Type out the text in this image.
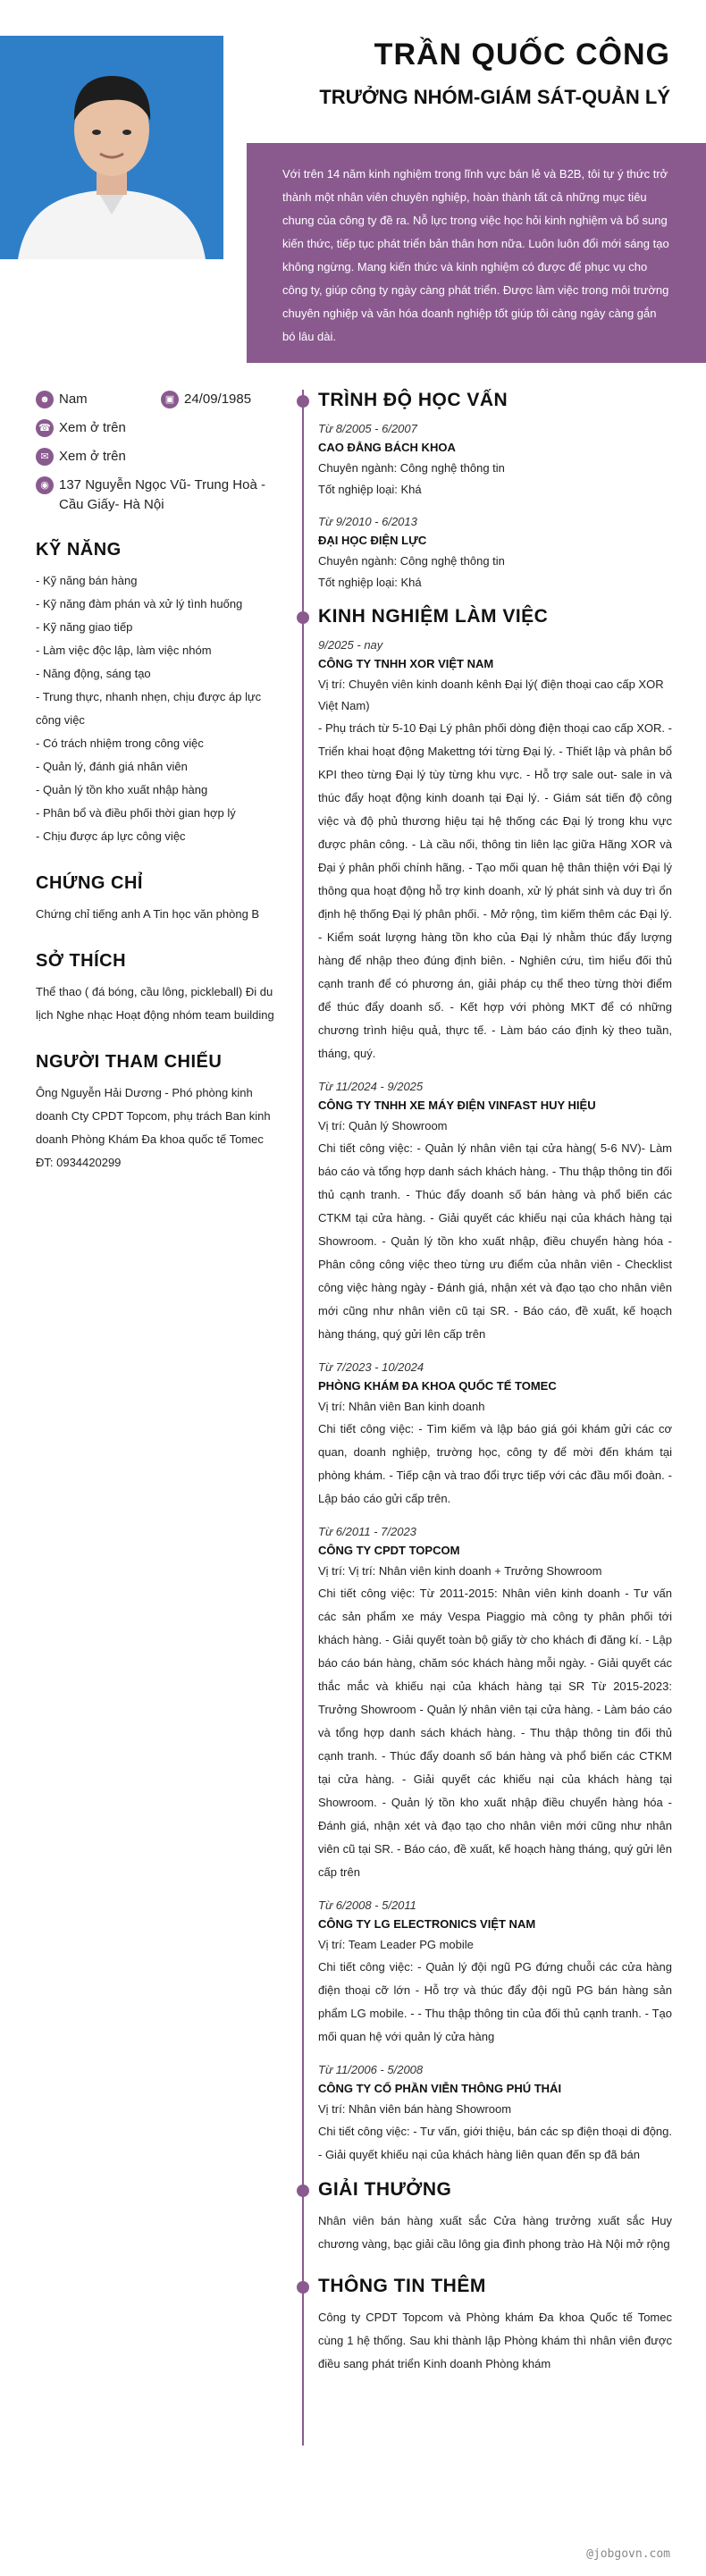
TRẦN QUỐC CÔNG
TRƯỞNG NHÓM-GIÁM SÁT-QUẢN LÝ
Với trên 14 năm kinh nghiệm trong lĩnh vực bán lẻ và B2B, tôi tự ý thức trở thành một nhân viên chuyên nghiệp, hoàn thành tất cả những mục tiêu chung của công ty đề ra. Nỗ lực trong việc học hỏi kinh nghiệm và bổ sung kiến thức, tiếp tục phát triển bản thân hơn nữa. Luôn luôn đổi mới sáng tạo không ngừng. Mang kiến thức và kinh nghiệm có được để phục vụ cho công ty, giúp công ty ngày càng phát triển. Được làm việc trong môi trường chuyên nghiệp và văn hóa doanh nghiệp tốt giúp tôi càng ngày càng gắn bó lâu dài.
☻ Nam	▣ 24/09/1985
☎ Xem ở trên
✉ Xem ở trên
◉ 137 Nguyễn Ngọc Vũ- Trung Hoà - Cầu Giấy- Hà Nội
KỸ NĂNG
- Kỹ năng bán hàng
- Kỹ năng đàm phán và xử lý tình huống
- Kỹ năng giao tiếp
- Làm việc độc lập, làm việc nhóm
- Năng động, sáng tạo
- Trung thực, nhanh nhẹn, chịu được áp lực công việc
- Có trách nhiệm trong công việc
- Quản lý, đánh giá nhân viên
- Quản lý tồn kho xuất nhập hàng
- Phân bổ và điều phối thời gian hợp lý
- Chịu được áp lực công việc
CHỨNG CHỈ
Chứng chỉ tiếng anh A Tin học văn phòng B
SỞ THÍCH
Thể thao ( đá bóng, cầu lông, pickleball) Đi du lịch Nghe nhạc Hoạt động nhóm team building
NGƯỜI THAM CHIẾU
Ông Nguyễn Hải Dương - Phó phòng kinh doanh Cty CPDT Topcom, phụ trách Ban kinh doanh Phòng Khám Đa khoa quốc tế Tomec ĐT: 0934420299
TRÌNH ĐỘ HỌC VẤN
Từ 8/2005 - 6/2007
CAO ĐẲNG BÁCH KHOA
Chuyên ngành: Công nghệ thông tin
Tốt nghiệp loại: Khá
Từ 9/2010 - 6/2013
ĐẠI HỌC ĐIỆN LỰC
Chuyên ngành: Công nghệ thông tin
Tốt nghiệp loại: Khá
KINH NGHIỆM LÀM VIỆC
9/2025 - nay
CÔNG TY TNHH XOR VIỆT NAM
Vị trí: Chuyên viên kinh doanh kênh Đại lý( điện thoại cao cấp XOR Việt Nam)
- Phụ trách từ 5-10 Đại Lý phân phối dòng điện thoại cao cấp XOR. - Triển khai hoạt động Makettng tới từng Đại lý. - Thiết lập và phân bổ KPI theo từng Đại lý tùy từng khu vực. - Hỗ trợ sale out- sale in và thúc đẩy hoạt động kinh doanh tại Đại lý. - Giám sát tiến độ công việc và độ phủ thương hiệu tại hệ thống các Đại lý trong khu vực được phân công. - Là cầu nối, thông tin liên lạc giữa Hãng XOR và Đại ý phân phối chính hãng. - Tạo mối quan hệ thân thiện với Đại lý thông qua hoạt động hỗ trợ kinh doanh, xử lý phát sinh và duy trì ổn định hệ thống Đại lý phân phối. - Mở rộng, tìm kiếm thêm các Đại lý. - Kiểm soát lượng hàng tồn kho của Đại lý nhằm thúc đẩy lượng hàng để nhập theo đúng định biên. - Nghiên cứu, tìm hiểu đối thủ cạnh tranh để có phương án, giải pháp cụ thể theo từng thời điểm để thúc đẩy doanh số. - Kết hợp với phòng MKT để có những chương trình hiệu quả, thực tế. - Làm báo cáo định kỳ theo tuần, tháng, quý.
Từ 11/2024 - 9/2025
CÔNG TY TNHH XE MÁY ĐIỆN VINFAST HUY HIỆU
Vị trí: Quản lý Showroom
Chi tiết công việc: - Quản lý nhân viên tại cửa hàng( 5-6 NV)- Làm báo cáo và tổng hợp danh sách khách hàng. - Thu thập thông tin đối thủ cạnh tranh. - Thúc đẩy doanh số bán hàng và phổ biến các CTKM tại cửa hàng. - Giải quyết các khiếu nại của khách hàng tại Showroom. - Quản lý tồn kho xuất nhập, điều chuyển hàng hóa - Phân công công việc theo từng ưu điểm của nhân viên - Checklist công việc hàng ngày - Đánh giá, nhận xét và đạo tạo cho nhân viên mới cũng như nhân viên cũ tại SR. - Báo cáo, đề xuất, kế hoạch hàng tháng, quý gửi lên cấp trên
Từ 7/2023 - 10/2024
PHÒNG KHÁM ĐA KHOA QUỐC TẾ TOMEC
Vị trí: Nhân viên Ban kinh doanh
Chi tiết công việc: - Tìm kiếm và lập báo giá gói khám gửi các cơ quan, doanh nghiệp, trường học, công ty để mời đến khám tại phòng khám. - Tiếp cận và trao đổi trực tiếp với các đầu mối đoàn. - Lập báo cáo gửi cấp trên.
Từ 6/2011 - 7/2023
CÔNG TY CPDT TOPCOM
Vị trí: Vị trí: Nhân viên kinh doanh + Trưởng Showroom
Chi tiết công việc: Từ 2011-2015: Nhân viên kinh doanh - Tư vấn các sản phẩm xe máy Vespa Piaggio mà công ty phân phối tới khách hàng. - Giải quyết toàn bộ giấy tờ cho khách đi đăng kí. - Lập báo cáo bán hàng, chăm sóc khách hàng mỗi ngày. - Giải quyết các thắc mắc và khiếu nại của khách hàng tại SR Từ 2015-2023: Trưởng Showroom - Quản lý nhân viên tại cửa hàng. - Làm báo cáo và tổng hợp danh sách khách hàng. - Thu thập thông tin đối thủ cạnh tranh. - Thúc đẩy doanh số bán hàng và phổ biến các CTKM tại cửa hàng. - Giải quyết các khiếu nại của khách hàng tại Showroom. - Quản lý tồn kho xuất nhập điều chuyển hàng hóa - Đánh giá, nhận xét và đạo tạo cho nhân viên mới cũng như nhân viên cũ tại SR. - Báo cáo, đề xuất, kế hoạch hàng tháng, quý gửi lên cấp trên
Từ 6/2008 - 5/2011
CÔNG TY LG ELECTRONICS VIỆT NAM
Vị trí: Team Leader PG mobile
Chi tiết công việc: - Quản lý đội ngũ PG đứng chuỗi các cửa hàng điện thoại cỡ lớn - Hỗ trợ và thúc đẩy đội ngũ PG bán hàng sản phẩm LG mobile. - - Thu thập thông tin của đối thủ cạnh tranh. - Tạo mối quan hệ với quản lý cửa hàng
Từ 11/2006 - 5/2008
CÔNG TY CỔ PHẦN VIỄN THÔNG PHÚ THÁI
Vị trí: Nhân viên bán hàng Showroom
Chi tiết công việc: - Tư vấn, giới thiệu, bán các sp điện thoại di động. - Giải quyết khiếu nại của khách hàng liên quan đến sp đã bán
GIẢI THƯỞNG
Nhân viên bán hàng xuất sắc Cửa hàng trưởng xuất sắc Huy chương vàng, bạc giải cầu lông gia đình phong trào Hà Nội mở rộng
THÔNG TIN THÊM
Công ty CPDT Topcom và Phòng khám Đa khoa Quốc tế Tomec cùng 1 hệ thống. Sau khi thành lập Phòng khám thì nhân viên được điều sang phát triển Kinh doanh Phòng khám
@jobgovn.com
